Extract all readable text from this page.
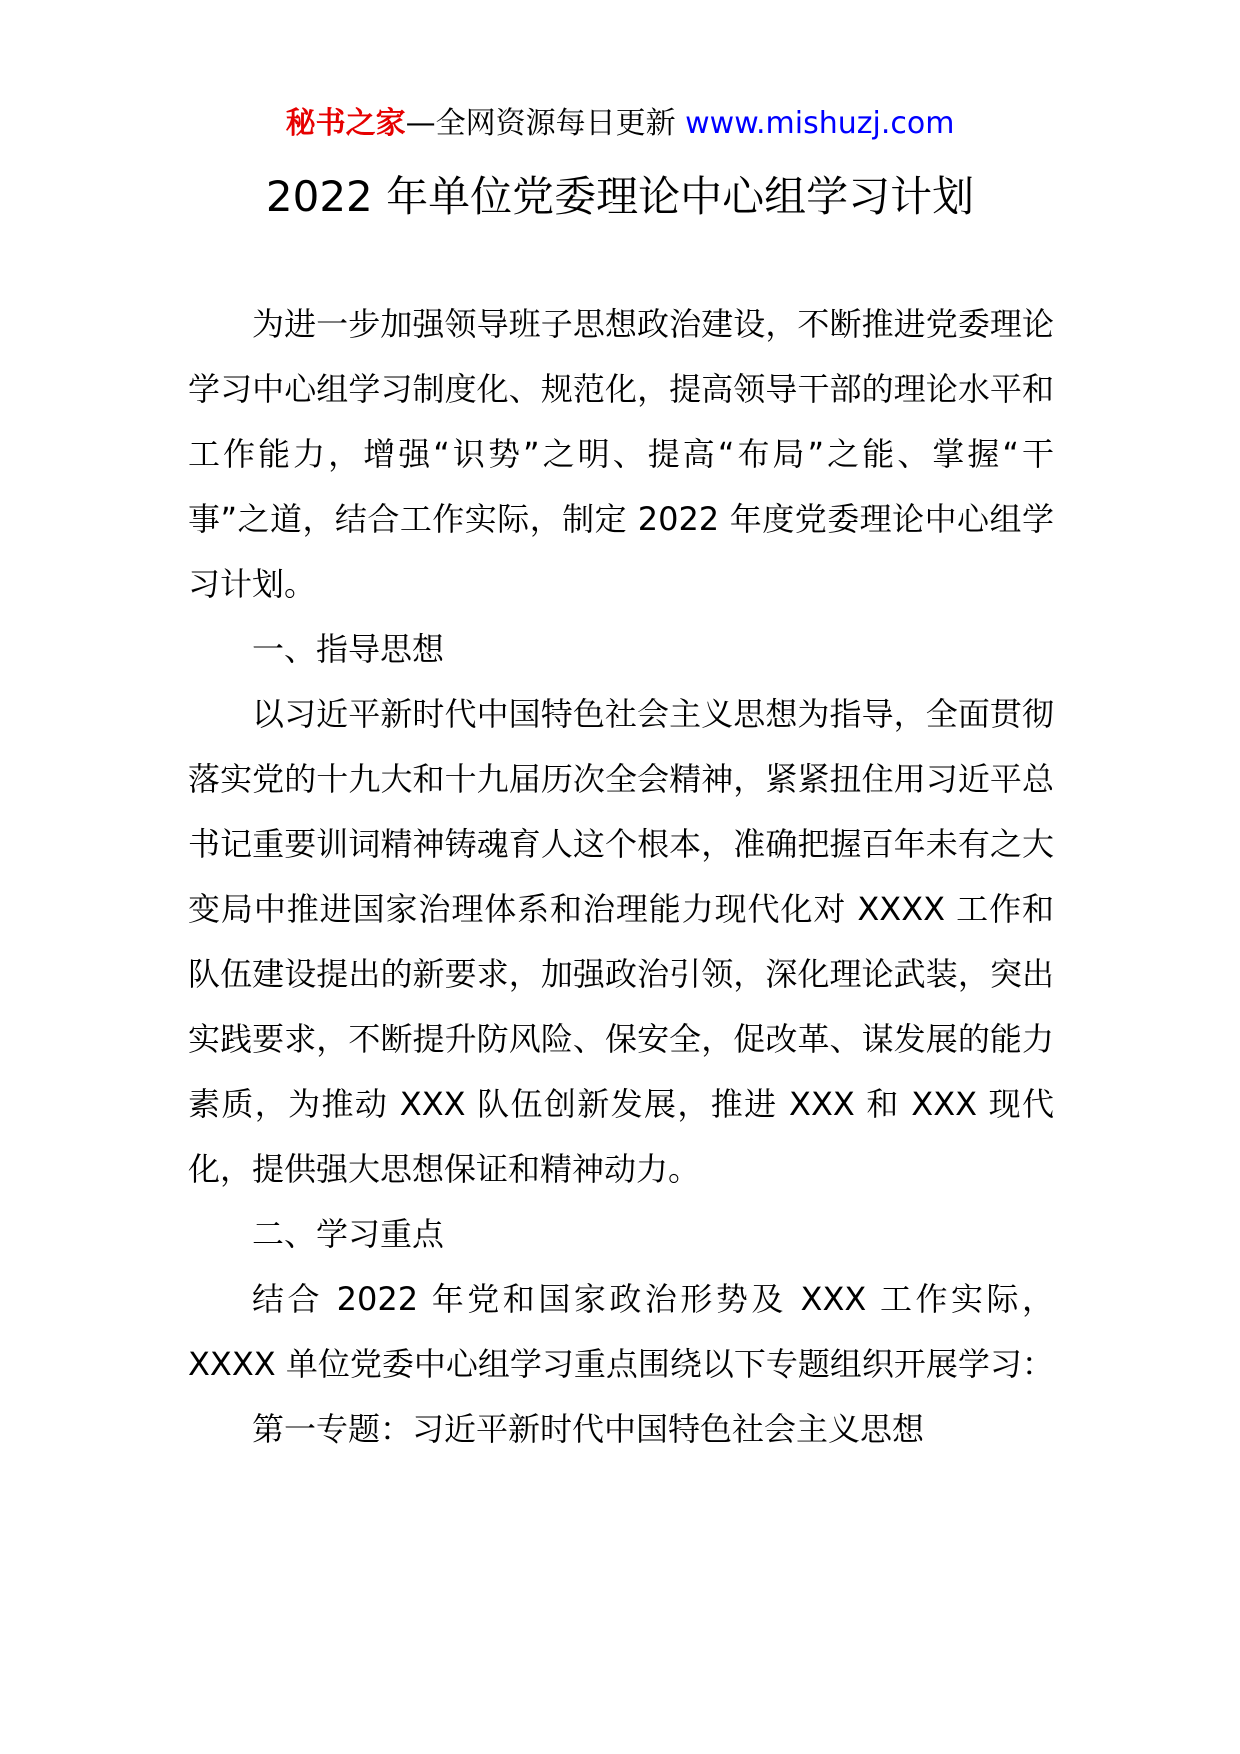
秘书之家—全网资源每日更新 www.mishuzj.com
2022 年单位党委理论中心组学习计划

为进一步加强领导班子思想政治建设，不断推进党委理论学习中心组学习制度化、规范化，提高领导干部的理论水平和工作能力，增强“识势”之明、提高“布局”之能、掌握“干事”之道，结合工作实际，制定 2022 年度党委理论中心组学习计划。

一、指导思想

以习近平新时代中国特色社会主义思想为指导，全面贯彻落实党的十九大和十九届历次全会精神，紧紧扭住用习近平总书记重要训词精神铸魂育人这个根本，准确把握百年未有之大变局中推进国家治理体系和治理能力现代化对 XXXX 工作和队伍建设提出的新要求，加强政治引领，深化理论武装，突出实践要求，不断提升防风险、保安全，促改革、谋发展的能力素质，为推动 XXX 队伍创新发展，推进 XXX 和 XXX 现代化，提供强大思想保证和精神动力。

二、学习重点

结合 2022 年党和国家政治形势及 XXX 工作实际，XXXX 单位党委中心组学习重点围绕以下专题组织开展学习：

第一专题：习近平新时代中国特色社会主义思想
